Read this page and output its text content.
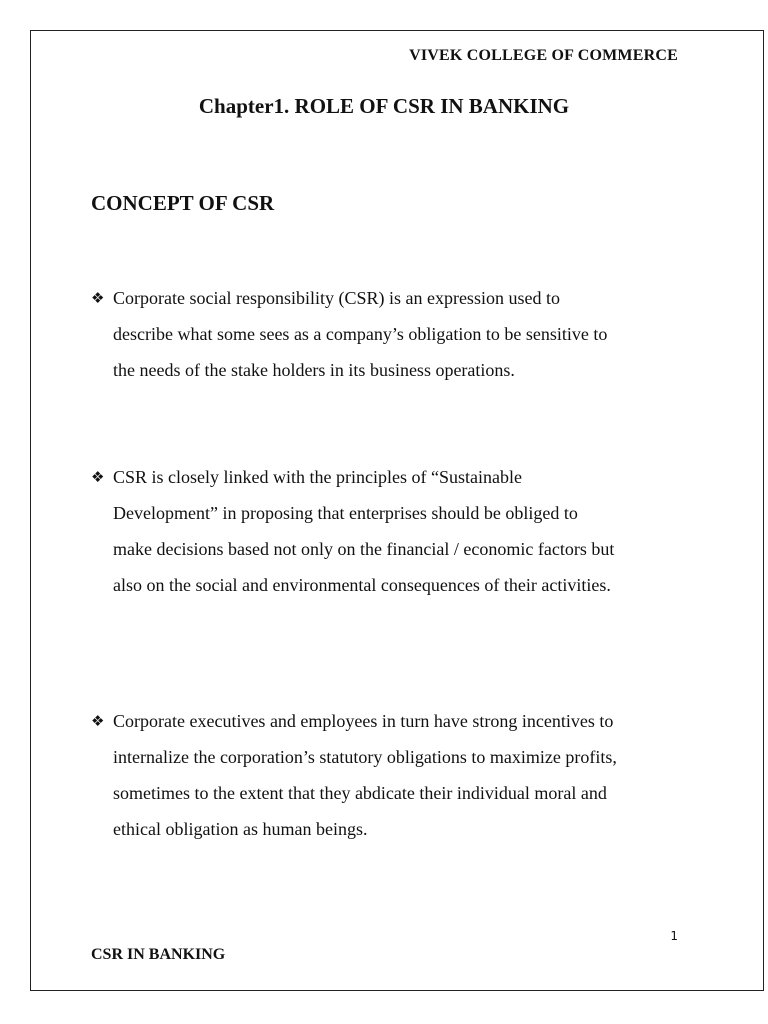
VIVEK COLLEGE OF COMMERCE
Chapter1. ROLE OF CSR IN BANKING
CONCEPT OF CSR
❖ Corporate social responsibility (CSR) is an expression used to
describe what some sees as a company’s obligation to be sensitive to
the needs of the stake holders in its business operations.
❖ CSR is closely linked with the principles of “Sustainable
Development” in proposing that enterprises should be obliged to
make decisions based not only on the financial / economic factors but
also on the social and environmental consequences of their activities.
❖ Corporate executives and employees in turn have strong incentives to
internalize the corporation’s statutory obligations to maximize profits,
sometimes to the extent that they abdicate their individual moral and
ethical obligation as human beings.
1
CSR IN BANKING
